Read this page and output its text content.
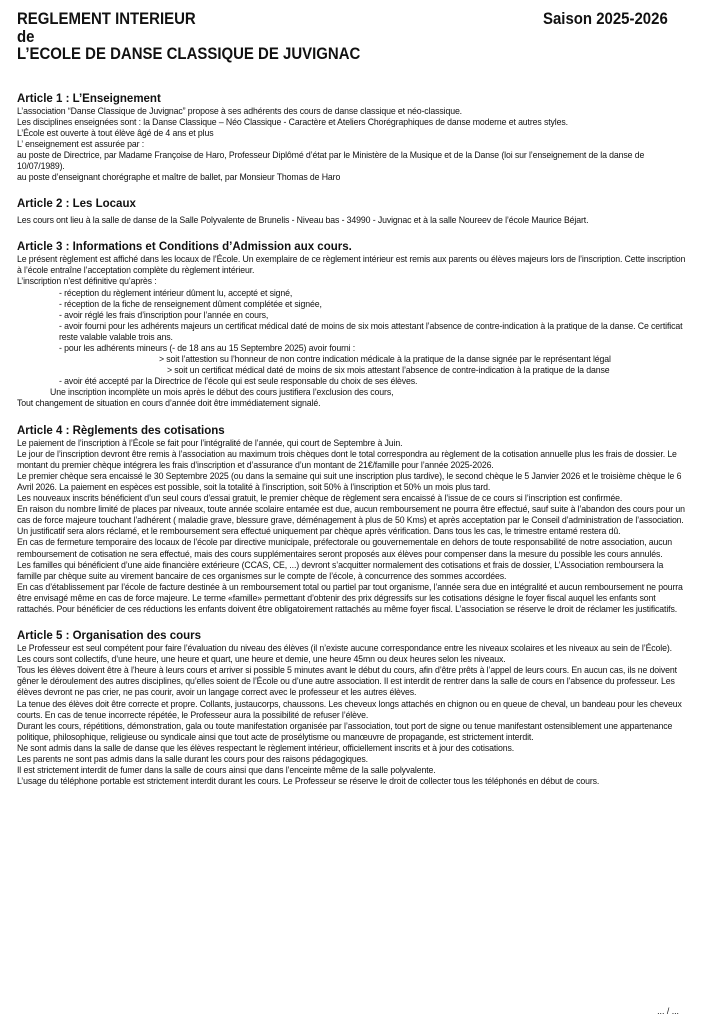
REGLEMENT INTERIEUR
de
L’ECOLE DE DANSE CLASSIQUE DE JUVIGNAC
Saison 2025-2026
Article 1 : L’Enseignement

L’association “Danse Classique de Juvignac” propose à ses adhérents des cours de danse classique et néo-classique.

Les disciplines enseignées sont : la Danse Classique – Néo Classique - Caractère et Ateliers Chorégraphiques de danse moderne et autres styles.

L’École est ouverte à tout élève âgé de 4 ans et plus

L’ enseignement est assurée par :

au poste de Directrice, par Madame Françoise de Haro, Professeur Diplômé d’état par le Ministère de la Musique et de la Danse (loi sur l’enseignement de la danse de 10/07/1989).

au poste d’enseignant chorégraphe et maître de ballet, par Monsieur Thomas de Haro

Article 2 : Les Locaux

Les cours ont lieu à la salle de danse de la Salle Polyvalente de Brunelis - Niveau bas - 34990 - Juvignac et à la salle Noureev de l’école Maurice Béjart.

Article 3 : Informations et Conditions d’Admission aux cours.

Le présent règlement est affiché dans les locaux de l’École. Un exemplaire de ce règlement intérieur est remis aux parents ou élèves majeurs lors de l’inscription. Cette inscription à l’école entraîne l’acceptation complète du règlement intérieur.

L’inscription n’est définitive qu’après :

- réception du règlement intérieur dûment lu, accepté et signé,

- réception de la fiche de renseignement dûment complétée et signée,

- avoir réglé les frais d’inscription pour l’année en cours,

- avoir fourni pour les adhérents majeurs un certificat médical daté de moins de six mois attestant l’absence de contre-indication à la pratique de la danse. Ce certificat reste valable valable trois ans.

- pour les adhérents mineurs (- de 18 ans au 15 Septembre 2025) avoir fourni :

> soit l’attestion su l’honneur de non contre indication médicale à la pratique de la danse signée par le représentant légal

> soit un certificat médical daté de moins de six mois attestant l’absence de contre-indication à la pratique de la danse

- avoir été accepté par la Directrice de l’école qui est seule responsable du choix de ses élèves.

Une inscription incomplète un mois après le début des cours justifiera l’exclusion des cours,

Tout changement de situation en cours d’année doit être immédiatement signalé.

Article 4 : Règlements des cotisations

Le paiement de l’inscription à l’École se fait pour l’intégralité de l’année, qui court de Septembre à Juin.

Le jour de l’inscription devront être remis à l’association au maximum trois chèques dont le total correspondra au règlement de la cotisation annuelle plus les frais de dossier. Le montant du premier chèque intégrera les frais d’inscription et d’assurance d’un montant de 21€/famille pour l’année 2025-2026.

Le premier chèque sera encaissé le 30 Septembre 2025 (ou dans la semaine qui suit une inscription plus tardive), le second chèque le 5 Janvier 2026 et le troisième chèque le 6 Avril 2026. La paiement en espèces est possible, soit la totalité à l’inscription, soit 50% à l’inscription et 50% un mois plus tard.

Les nouveaux inscrits bénéficient d’un seul cours d’essai gratuit, le premier chèque de règlement sera encaissé à l’issue de ce cours si l’inscription est confirmée.

En raison du nombre limité de places par niveaux, toute année scolaire entamée est due, aucun remboursement ne pourra être effectué, sauf suite à l’abandon des cours pour un cas de force majeure touchant l’adhérent ( maladie grave, blessure grave, déménagement à plus de 50 Kms) et après acceptation par le Conseil d’administration de l’association. Un justificatif sera alors réclamé, et le remboursement sera effectué uniquement par chèque après vérification. Dans tous les cas, le trimestre entamé restera dû.

En cas de fermeture temporaire des locaux de l’école par directive municipale, préfectorale ou gouvernementale en dehors de toute responsabilité de notre association, aucun remboursement de cotisation ne sera effectué, mais des cours supplémentaires seront proposés aux élèves pour compenser dans la mesure du possible les cours annulés.

Les familles qui bénéficient d’une aide financière extérieure (CCAS, CE, ...) devront s’acquitter normalement des cotisations et frais de dossier, L’Association remboursera la famille par chèque suite au virement bancaire de ces organismes sur le compte de l’école, à concurrence des sommes accordées.

En cas d’établissement par l’école de facture destinée à un remboursement total ou partiel par tout organisme, l’année sera due en intégralité et aucun remboursement ne pourra être envisagé même en cas de force majeure. Le terme «famille» permettant d’obtenir des prix dégressifs sur les cotisations désigne le foyer fiscal auquel les enfants sont rattachés. Pour bénéficier de ces réductions les enfants doivent être obligatoirement rattachés au même foyer fiscal. L’association se réserve le droit de réclamer les justificatifs.

Article 5 : Organisation des cours

Le Professeur est seul compétent pour faire l’évaluation du niveau des élèves (il n’existe aucune correspondance entre les niveaux scolaires et les niveaux au sein de l’École). Les cours sont collectifs, d’une heure, une heure et quart, une heure et demie, une heure 45mn ou deux heures selon les niveaux.

Tous les élèves doivent être à l’heure à leurs cours et arriver si possible 5 minutes avant le début du cours, afin d’être prêts à l’appel de leurs cours. En aucun cas, ils ne doivent gêner le déroulement des autres disciplines, qu’elles soient de l’École ou d’une autre association. Il est interdit de rentrer dans la salle de cours en l’absence du professeur. Les élèves devront ne pas crier, ne pas courir, avoir un langage correct avec le professeur et les autres élèves.

La tenue des élèves doit être correcte et propre. Collants, justaucorps, chaussons. Les cheveux longs attachés en chignon ou en queue de cheval, un bandeau pour les cheveux courts. En cas de tenue incorrecte répétée, le Professeur aura la possibilité de refuser l’élève.

Durant les cours, répétitions, démonstration, gala ou toute manifestation organisée par l’association, tout port de signe ou tenue manifestant ostensiblement une appartenance politique, philosophique, religieuse ou syndicale ainsi que tout acte de prosélytisme ou manœuvre de propagande, est strictement interdit.

Ne sont admis dans la salle de danse que les élèves respectant le règlement intérieur, officiellement inscrits et à jour des cotisations.

Les parents ne sont pas admis dans la salle durant les cours pour des raisons pédagogiques.

Il est strictement interdit de fumer dans la salle de cours ainsi que dans l’enceinte même de la salle polyvalente.

L’usage du téléphone portable est strictement interdit durant les cours. Le Professeur se réserve le droit de collecter tous les téléphonés en début de cours.

... / ...
